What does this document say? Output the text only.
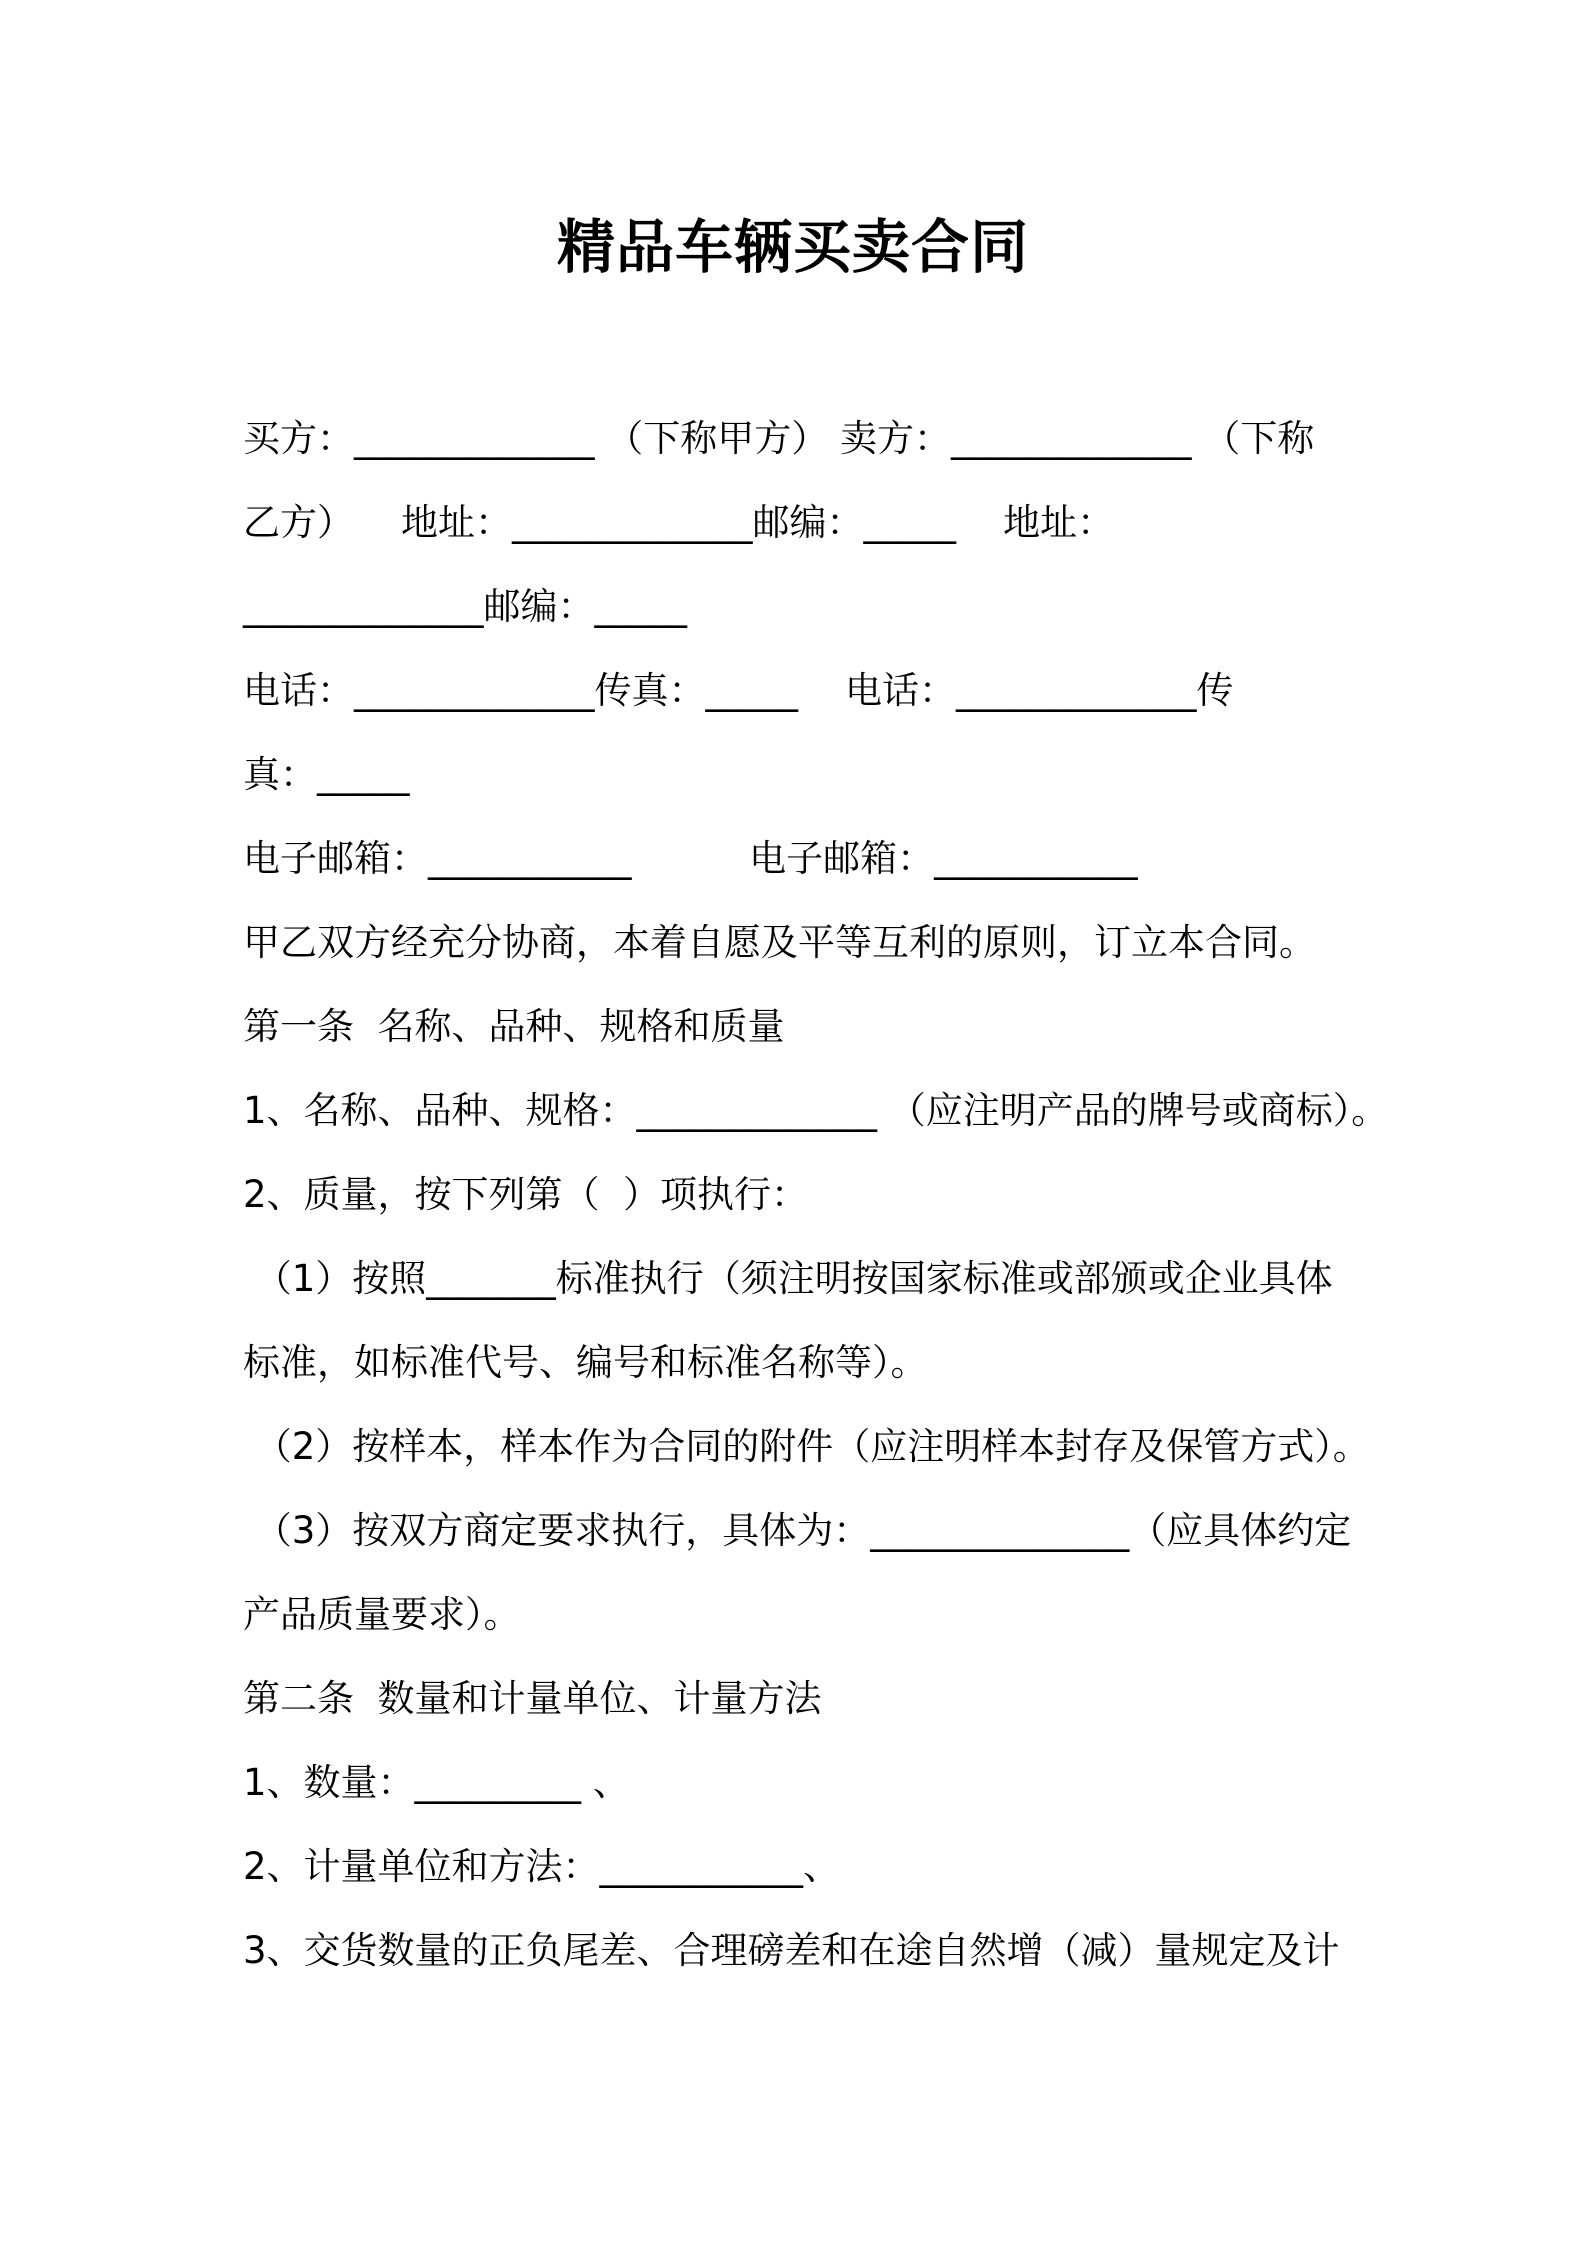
精品车辆买卖合同
买方：_____________ （下称甲方） 卖方：_____________ （下称
乙方）    地址：_____________邮编：_____    地址：
_____________邮编：_____
电话：_____________传真：_____    电话：_____________传
真：_____
电子邮箱：___________          电子邮箱：___________
甲乙双方经充分协商，本着自愿及平等互利的原则，订立本合同。
第一条  名称、品种、规格和质量
1、名称、品种、规格：_____________ （应注明产品的牌号或商标）。
2、质量，按下列第（  ）项执行：
（1）按照_______标准执行（须注明按国家标准或部颁或企业具体
标准，如标准代号、编号和标准名称等）。
（2）按样本，样本作为合同的附件（应注明样本封存及保管方式）。
（3）按双方商定要求执行，具体为：______________（应具体约定
产品质量要求）。
第二条  数量和计量单位、计量方法
1、数量：_________ 、
2、计量单位和方法：___________、
3、交货数量的正负尾差、合理磅差和在途自然增（减）量规定及计
